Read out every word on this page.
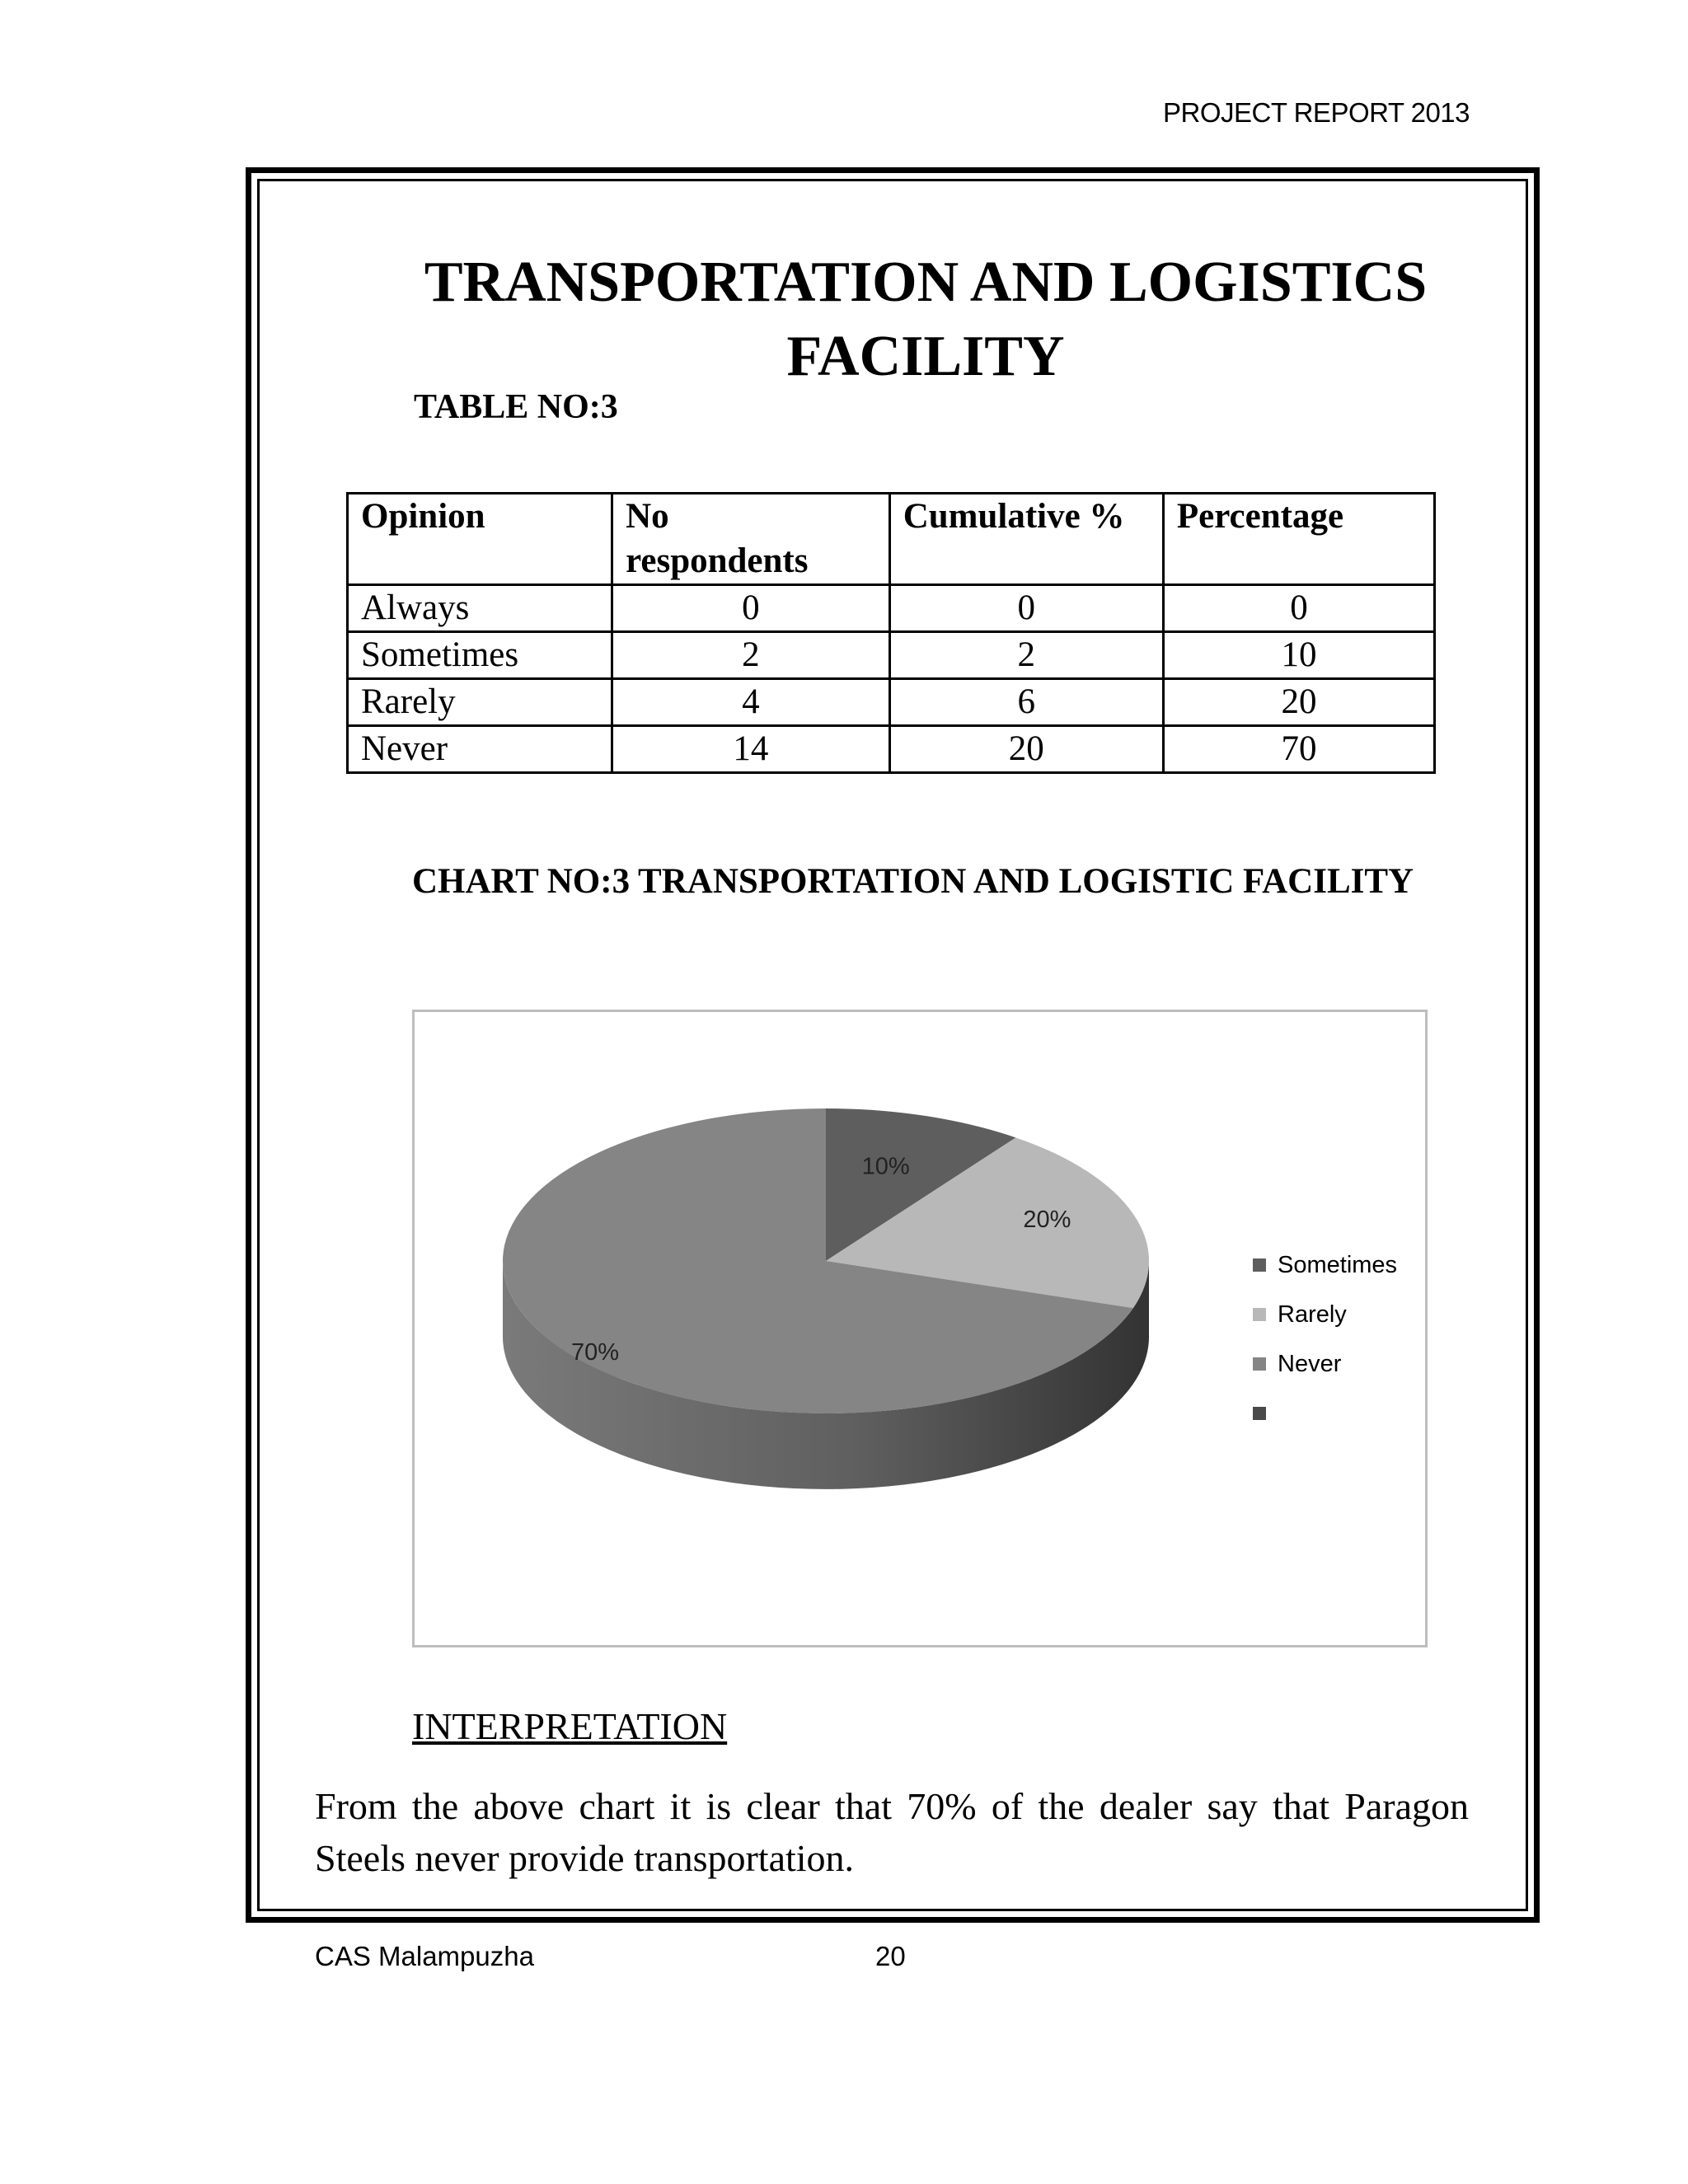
PROJECT REPORT 2013
TRANSPORTATION AND LOGISTICS
FACILITY
TABLE NO:3
Opinion	No respondents	Cumulative %	Percentage
Always	0	0	0
Sometimes	2	2	10
Rarely	4	6	20
Never	14	20	70
CHART NO:3 TRANSPORTATION AND LOGISTIC FACILITY
10%
20%
70%
Sometimes
Rarely
Never
INTERPRETATION
From the above chart it is clear that 70% of the dealer say that Paragon Steels never provide transportation.
CAS Malampuzha	20
